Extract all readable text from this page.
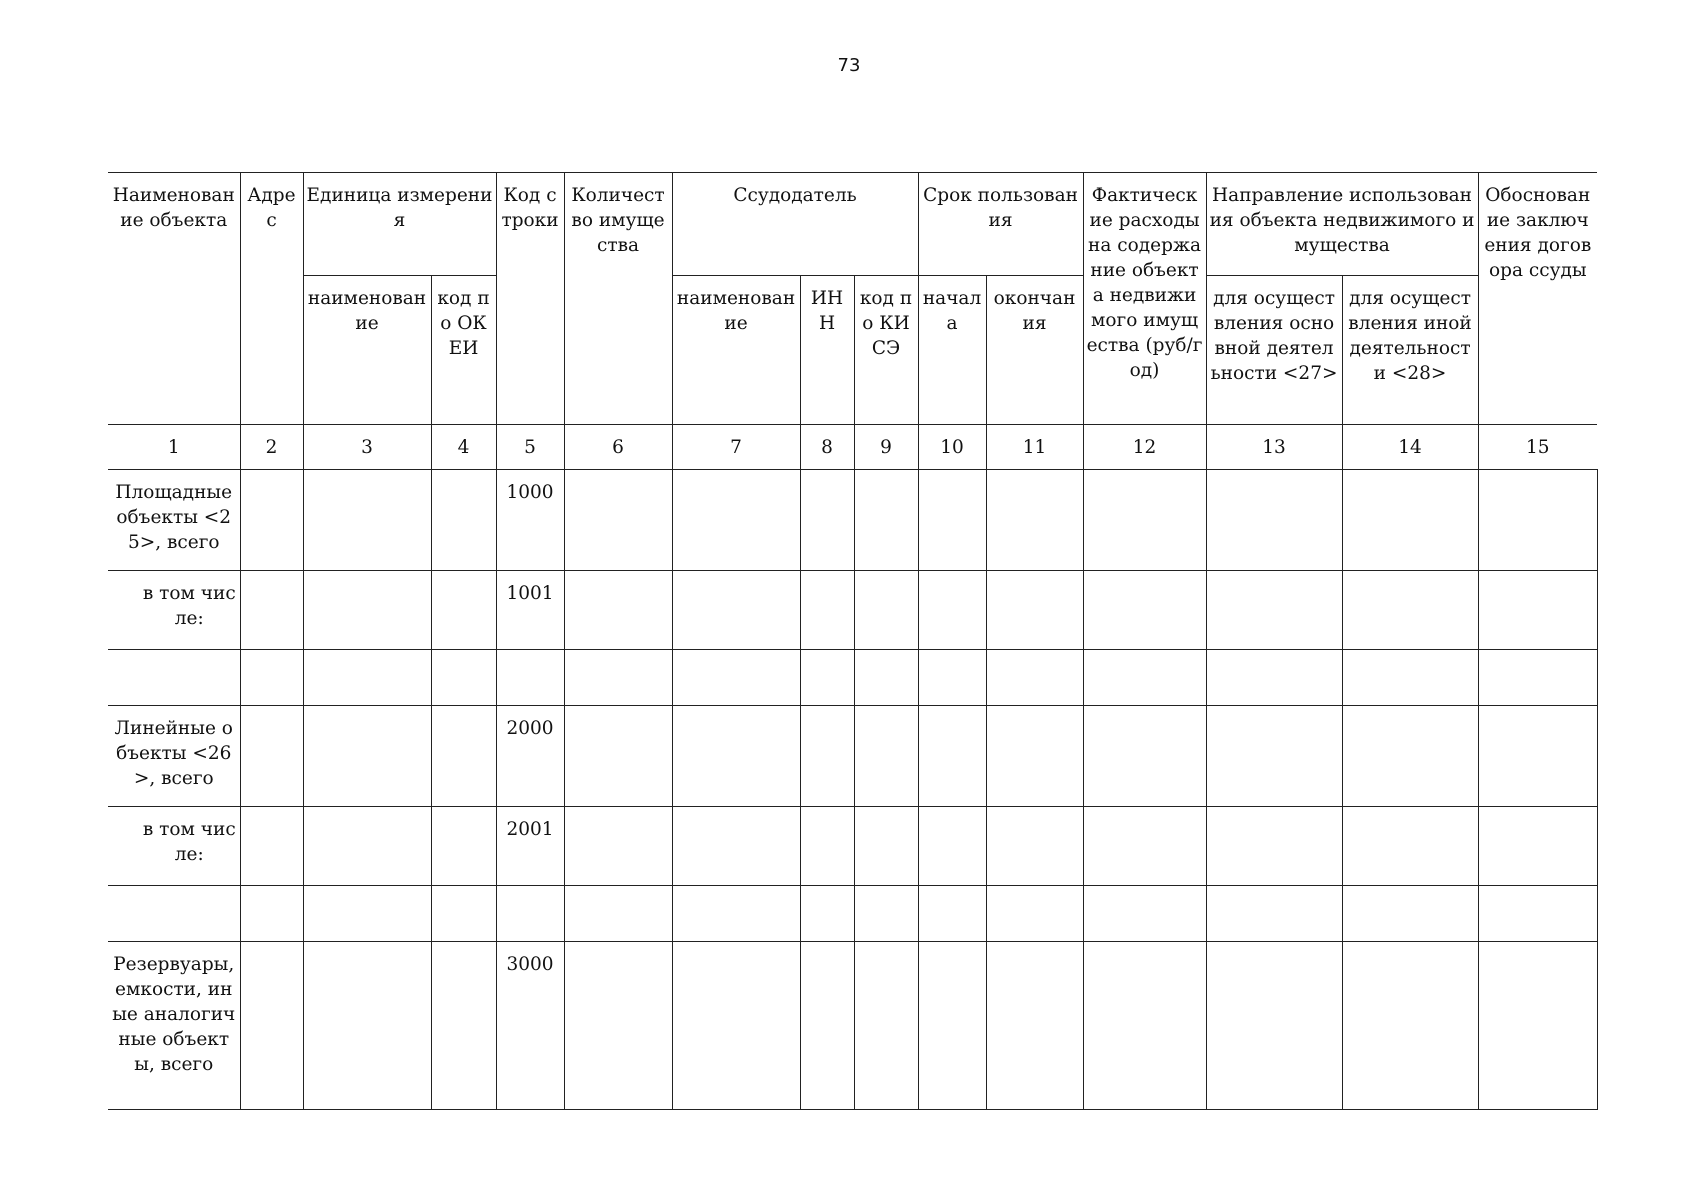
73
Наименование объекта	Адрес	Единица измерения		Код строки	Количество имущества	Ссудодатель			Срок пользования		Фактические расходы на содержание объекта недвижимого имущества (руб/год)	Направление использования объекта недвижимого имущества		Обоснование заключения договора ссуды
		наименование	код по ОКЕИ			наименование	ИНН	код по КИСЭ	начала	окончания		для осуществления основной деятельности <27>	для осуществления иной деятельности <28>	
1	2	3	4	5	6	7	8	9	10	11	12	13	14	15
Площадные объекты <25>, всего				1000										
в том числе:				1001										

Линейные объекты <26>, всего				2000										
в том числе:				2001										

Резервуары, емкости, иные аналогичные объекты, всего				3000										
